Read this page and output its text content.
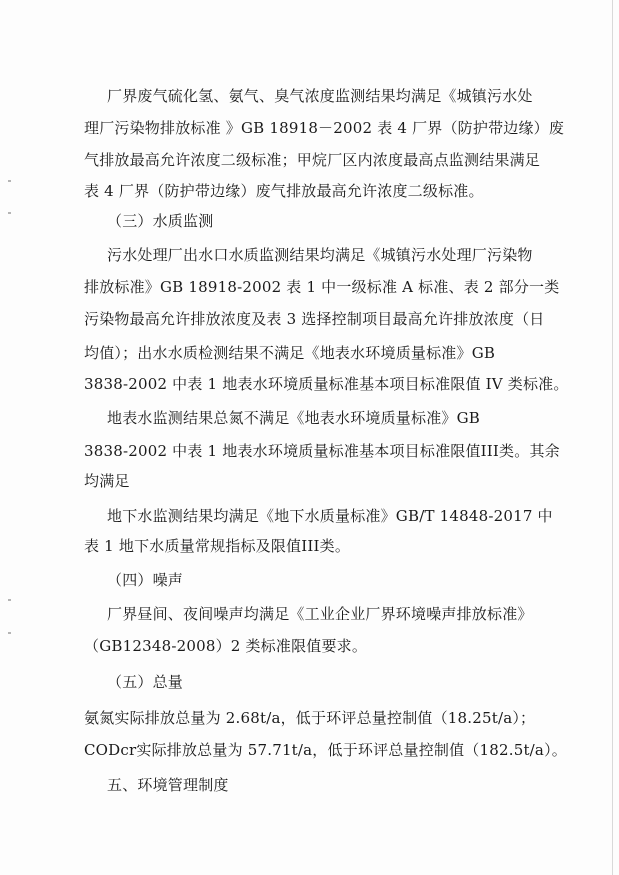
厂界废气硫化氢、氨气、臭气浓度监测结果均满足《城镇污水处
理厂污染物排放标准 》GB 18918－2002 表 4 厂界（防护带边缘）废
气排放最高允许浓度二级标准；甲烷厂区内浓度最高点监测结果满足
表 4 厂界（防护带边缘）废气排放最高允许浓度二级标准。
（三）水质监测
污水处理厂出水口水质监测结果均满足《城镇污水处理厂污染物
排放标准》GB 18918-2002 表 1 中一级标准 A 标准、表 2 部分一类
污染物最高允许排放浓度及表 3 选择控制项目最高允许排放浓度（日
均值）；出水水质检测结果不满足《地表水环境质量标准》GB
3838-2002 中表 1 地表水环境质量标准基本项目标准限值 IV 类标准。
地表水监测结果总氮不满足《地表水环境质量标准》GB
3838-2002 中表 1 地表水环境质量标准基本项目标准限值III类。其余
均满足
地下水监测结果均满足《地下水质量标准》GB/T 14848-2017 中
表 1 地下水质量常规指标及限值III类。
（四）噪声
厂界昼间、夜间噪声均满足《工业企业厂界环境噪声排放标准》
（GB12348-2008）2 类标准限值要求。
（五）总量
氨氮实际排放总量为 2.68t/a，低于环评总量控制值（18.25t/a）；
CODcr实际排放总量为 57.71t/a，低于环评总量控制值（182.5t/a）。
五、环境管理制度
